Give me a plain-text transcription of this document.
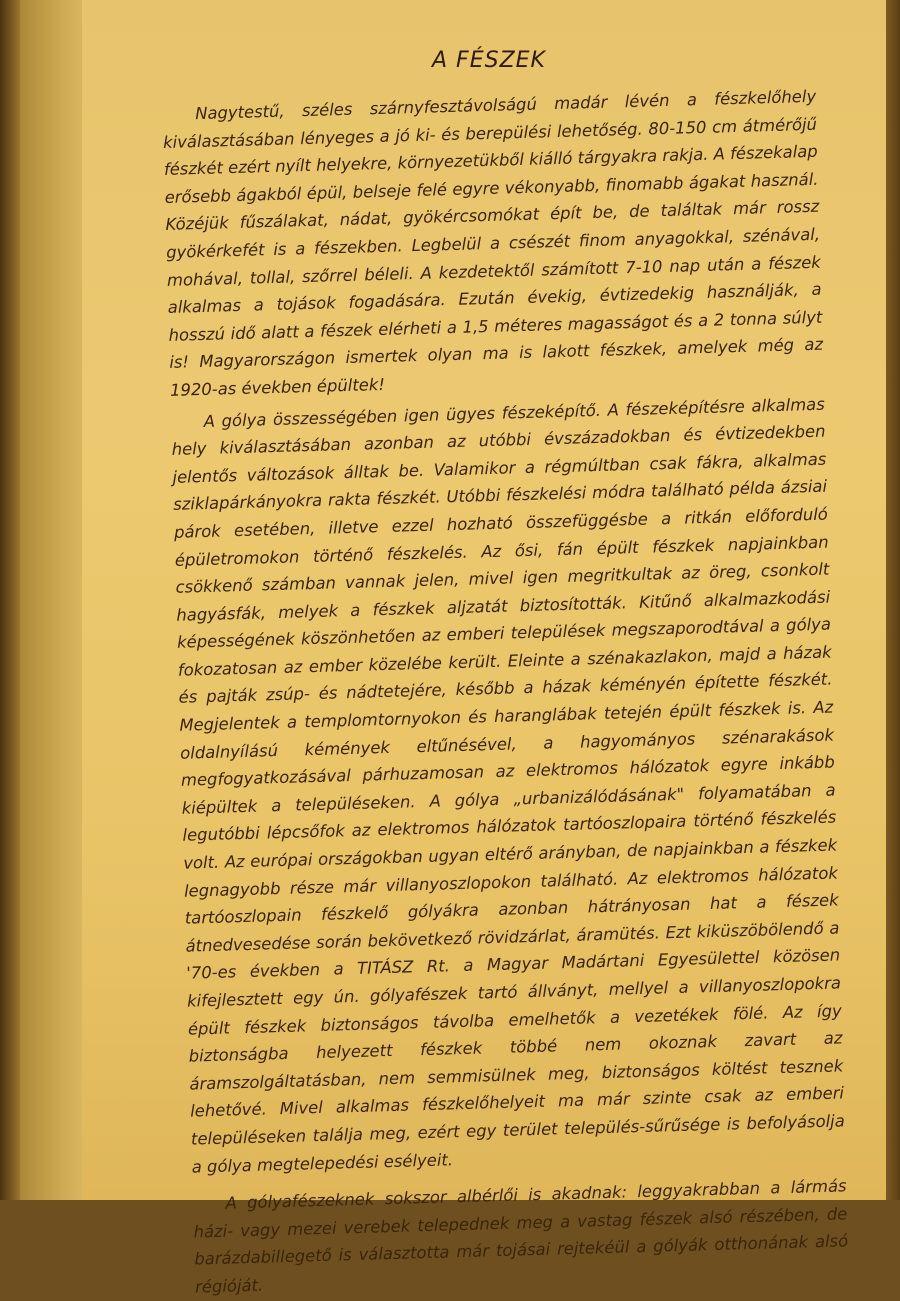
A FÉSZEK

Nagytestű, széles szárnyfesztávolságú madár lévén a fészkelőhely kiválasztásában lényeges a jó ki- és berepülési lehetőség. 80-150 cm átmérőjű fészkét ezért nyílt helyekre, környezetükből kiálló tárgyakra rakja. A fészekalap erősebb ágakból épül, belseje felé egyre vékonyabb, finomabb ágakat használ. Közéjük fűszálakat, nádat, gyökércsomókat épít be, de találtak már rossz gyökérkefét is a fészekben. Legbelül a csészét finom anyagokkal, szénával, mohával, tollal, szőrrel béleli. A kezdetektől számított 7-10 nap után a fészek alkalmas a tojások fogadására. Ezután évekig, évtizedekig használják, a hosszú idő alatt a fészek elérheti a 1,5 méteres magasságot és a 2 tonna súlyt is! Magyarországon ismertek olyan ma is lakott fészkek, amelyek még az 1920-as években épültek!

A gólya összességében igen ügyes fészeképítő. A fészeképítésre alkalmas hely kiválasztásában azonban az utóbbi évszázadokban és évtizedekben jelentős változások álltak be. Valamikor a régmúltban csak fákra, alkalmas sziklapárkányokra rakta fészkét. Utóbbi fészkelési módra található példa ázsiai párok esetében, illetve ezzel hozható összefüggésbe a ritkán előforduló épületromokon történő fészkelés. Az ősi, fán épült fészkek napjainkban csökkenő számban vannak jelen, mivel igen megritkultak az öreg, csonkolt hagyásfák, melyek a fészkek aljzatát biztosították. Kitűnő alkalmazkodási képességének köszönhetően az emberi települések megszaporodtával a gólya fokozatosan az ember közelébe került. Eleinte a szénakazlakon, majd a házak és pajták zsúp- és nádtetejére, később a házak kéményén építette fészkét. Megjelentek a templomtornyokon és haranglábak tetején épült fészkek is. Az oldalnyílású kémények eltűnésével, a hagyományos szénarakások megfogyatkozásával párhuzamosan az elektromos hálózatok egyre inkább kiépültek a településeken. A gólya „urbanizálódásának" folyamatában a legutóbbi lépcsőfok az elektromos hálózatok tartóoszlopaira történő fészkelés volt. Az európai országokban ugyan eltérő arányban, de napjainkban a fészkek legnagyobb része már villanyoszlopokon található. Az elektromos hálózatok tartóoszlopain fészkelő gólyákra azonban hátrányosan hat a fészek átnedvesedése során bekövetkező rövidzárlat, áramütés. Ezt kiküszöbölendő a '70-es években a TITÁSZ Rt. a Magyar Madártani Egyesülettel közösen kifejlesztett egy ún. gólyafészek tartó állványt, mellyel a villanyoszlopokra épült fészkek biztonságos távolba emelhetők a vezetékek fölé. Az így biztonságba helyezett fészkek többé nem okoznak zavart az áramszolgáltatásban, nem semmisülnek meg, biztonságos költést tesznek lehetővé. Mivel alkalmas fészkelőhelyeit ma már szinte csak az emberi településeken találja meg, ezért egy terület település-sűrűsége is befolyásolja a gólya megtelepedési esélyeit.

A gólyafészeknek sokszor albérlői is akadnak: leggyakrabban a lármás házi- vagy mezei verebek telepednek meg a vastag fészek alsó részében, de barázdabillegető is választotta már tojásai rejtekéül a gólyák otthonának alsó régióját.
